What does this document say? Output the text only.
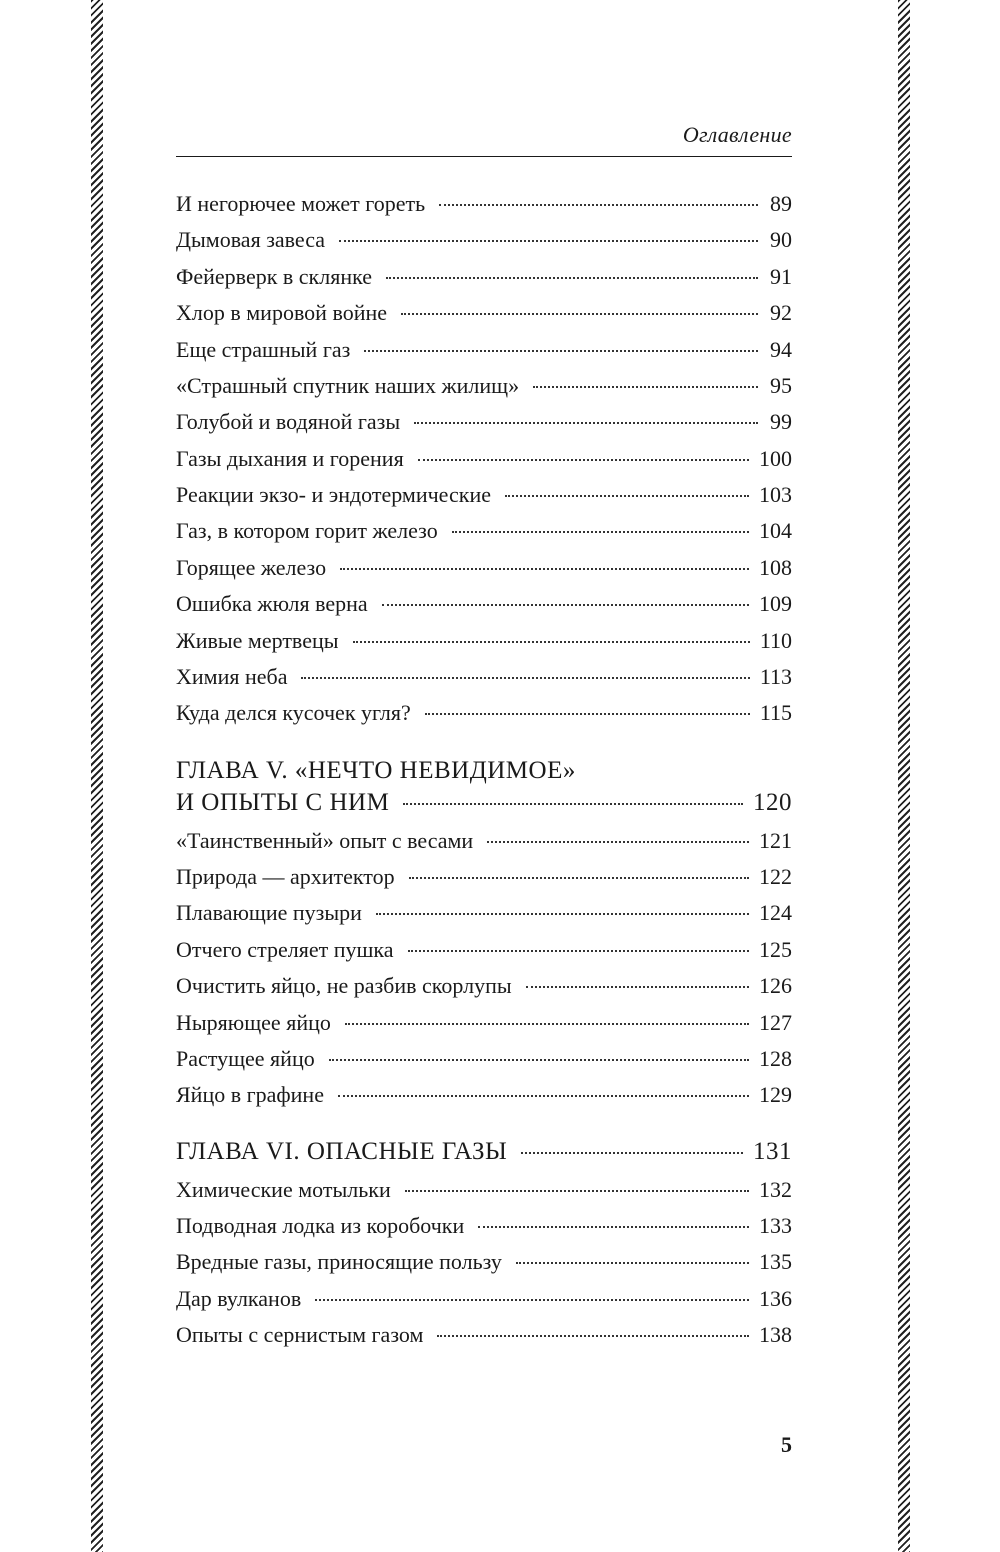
Оглавление
И негорючее может гореть	89
Дымовая завеса	90
Фейерверк в склянке	91
Хлор в мировой войне	92
Еще страшный газ	94
«Страшный спутник наших жилищ»	95
Голубой и водяной газы	99
Газы дыхания и горения	100
Реакции экзо- и эндотермические	103
Газ, в котором горит железо	104
Горящее железо	108
Ошибка жюля верна	109
Живые мертвецы	110
Химия неба	113
Куда делся кусочек угля?	115
ГЛАВА V. «НЕЧТО НЕВИДИМОЕ»
И ОПЫТЫ С НИМ	120
«Таинственный» опыт с весами	121
Природа — архитектор	122
Плавающие пузыри	124
Отчего стреляет пушка	125
Очистить яйцо, не разбив скорлупы	126
Ныряющее яйцо	127
Растущее яйцо	128
Яйцо в графине	129
ГЛАВА VI. ОПАСНЫЕ ГАЗЫ	131
Химические мотыльки	132
Подводная лодка из коробочки	133
Вредные газы, приносящие пользу	135
Дар вулканов	136
Опыты с сернистым газом	138
5
